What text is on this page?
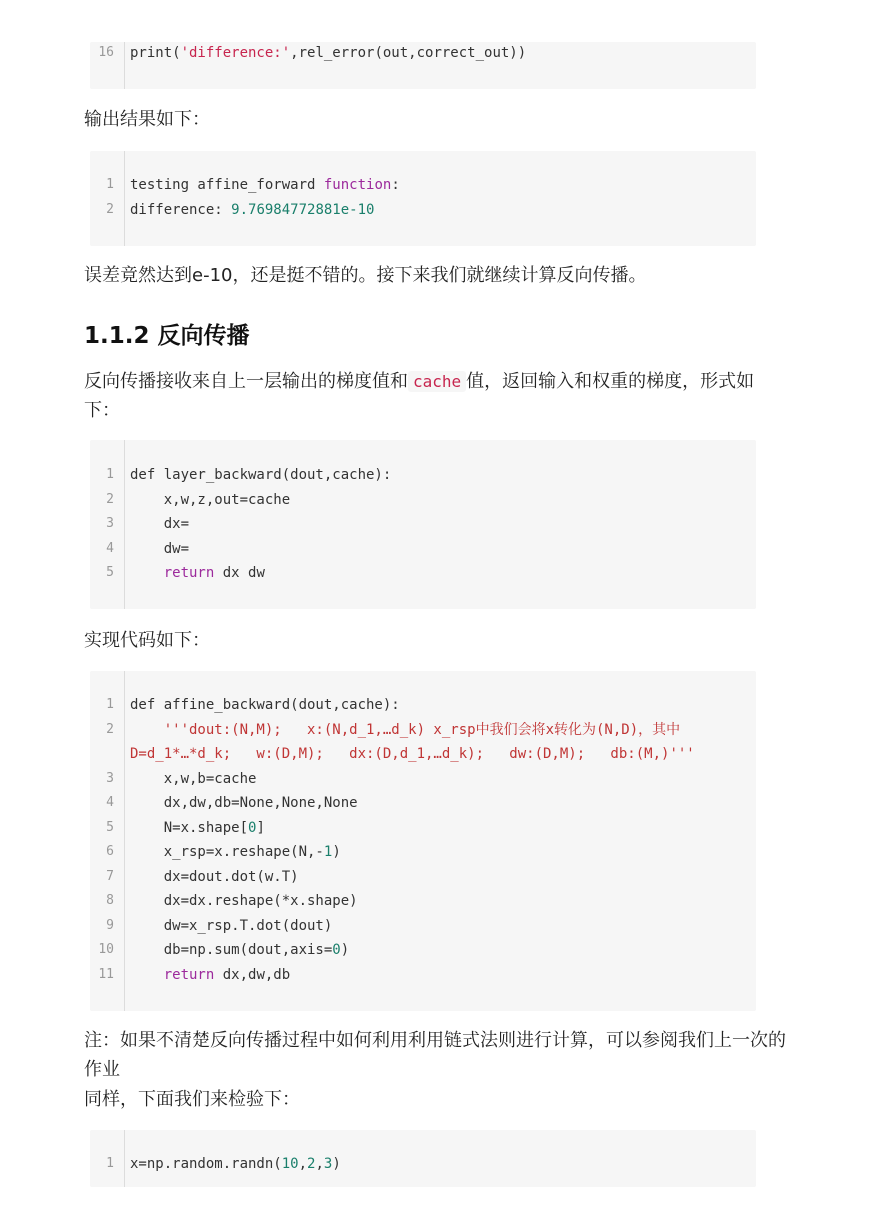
16 print('difference:',rel_error(out,correct_out))
输出结果如下：
1 testing affine_forward function:
2 difference: 9.76984772881e-10
误差竟然达到e-10，还是挺不错的。接下来我们就继续计算反向传播。
1.1.2 反向传播
反向传播接收来自上一层输出的梯度值和 cache 值，返回输入和权重的梯度，形式如下：
1 def layer_backward(dout,cache):
2 x,w,z,out=cache
3 dx=
4 dw=
5	return dx dw
实现代码如下：
1 def affine_backward(dout,cache):
2 '''dout:(N,M);   x:(N,d_1,…d_k) x_rsp中我们会将x转化为(N,D)，其中
D=d_1*…*d_k;   w:(D,M);   dx:(D,d_1,…d_k);   dw:(D,M);   db:(M,)'''
3 x,w,b=cache
4 dx,dw,db=None,None,None
5 N=x.shape[0]
6 x_rsp=x.reshape(N,-1)
7 dx=dout.dot(w.T)
8 dx=dx.reshape(*x.shape)
9 dw=x_rsp.T.dot(dout)
10 db=np.sum(dout,axis=0)
11	return dx,dw,db
注：如果不清楚反向传播过程中如何利用利用链式法则进行计算，可以参阅我们上一次的作业
同样，下面我们来检验下：
1 x=np.random.randn(10,2,3)
